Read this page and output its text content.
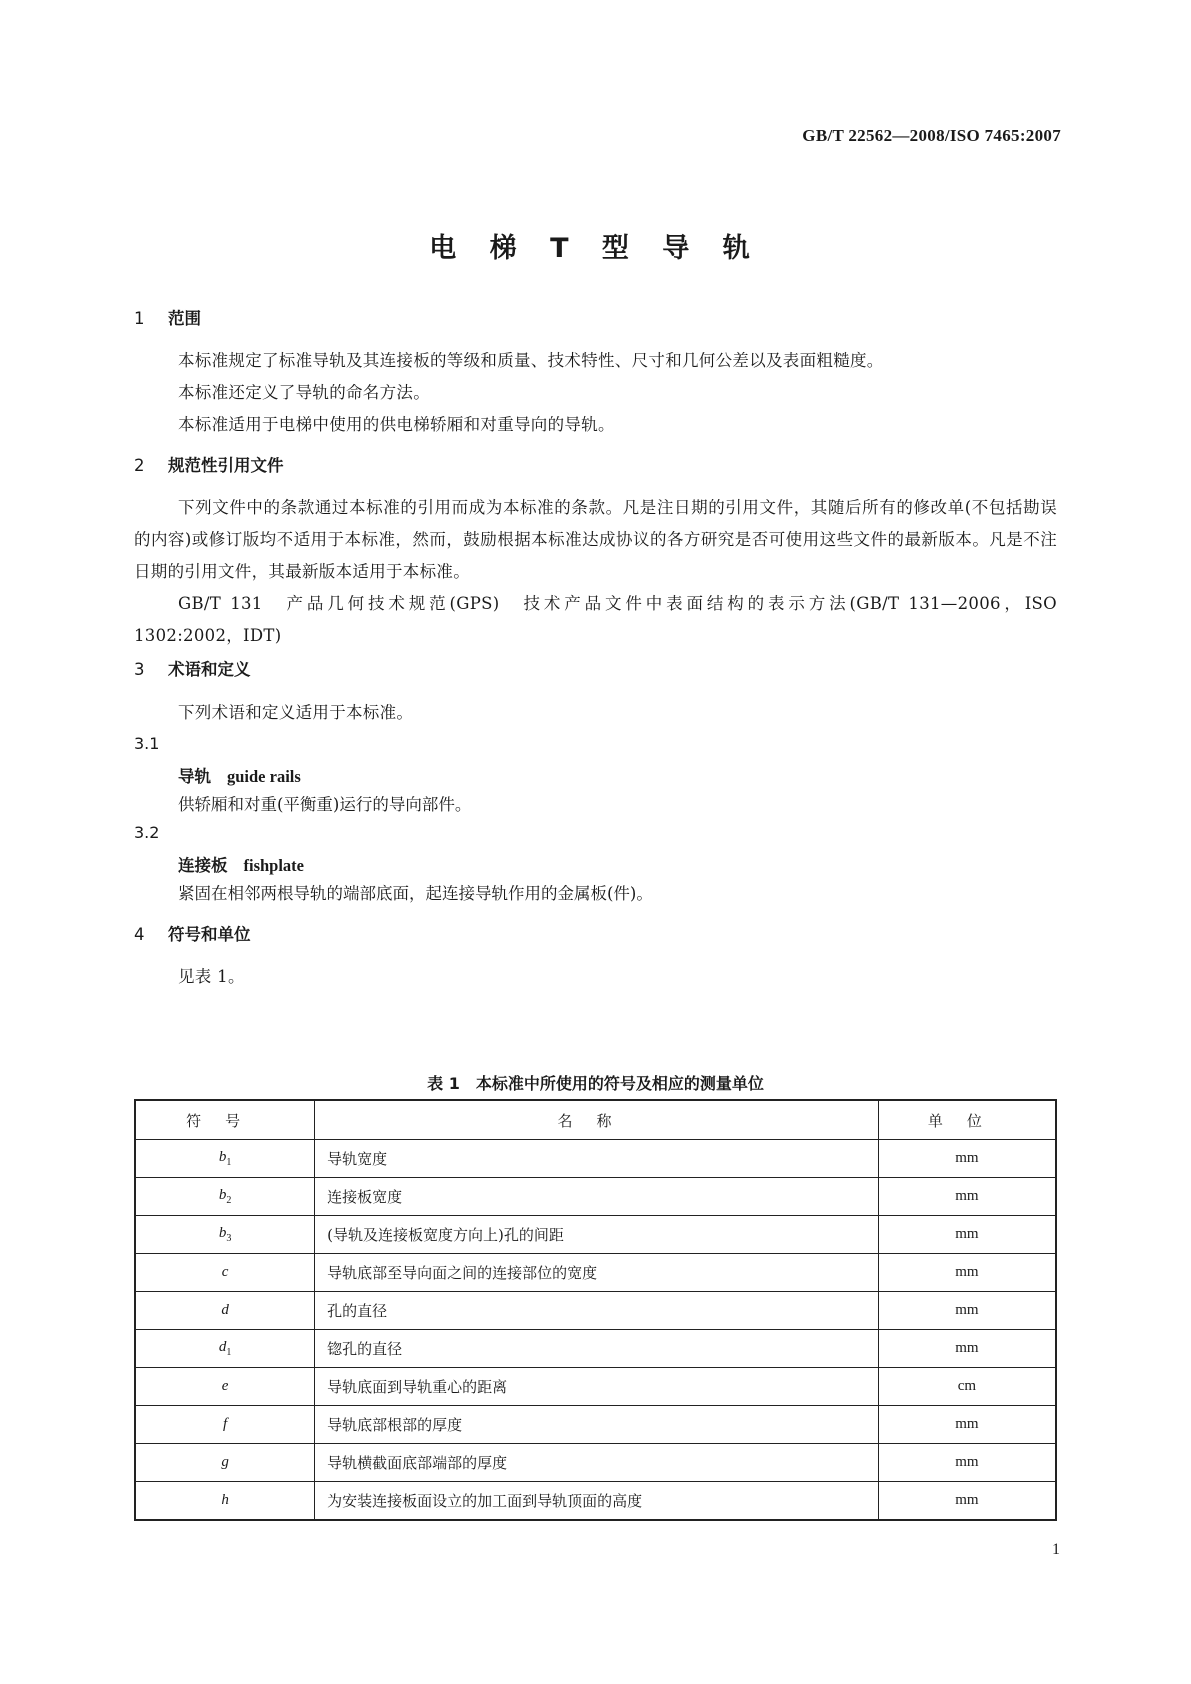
GB/T 22562—2008/ISO 7465:2007
电 梯 T 型 导 轨
1 范围
本标准规定了标准导轨及其连接板的等级和质量、技术特性、尺寸和几何公差以及表面粗糙度。
本标准还定义了导轨的命名方法。
本标准适用于电梯中使用的供电梯轿厢和对重导向的导轨。
2 规范性引用文件
下列文件中的条款通过本标准的引用而成为本标准的条款。凡是注日期的引用文件，其随后所有的修改单(不包括勘误的内容)或修订版均不适用于本标准，然而，鼓励根据本标准达成协议的各方研究是否可使用这些文件的最新版本。凡是不注日期的引用文件，其最新版本适用于本标准。
GB/T 131　产品几何技术规范(GPS)　技术产品文件中表面结构的表示方法(GB/T 131—2006，ISO 1302:2002，IDT)
3 术语和定义
下列术语和定义适用于本标准。
3.1
导轨 guide rails
供轿厢和对重(平衡重)运行的导向部件。
3.2
连接板 fishplate
紧固在相邻两根导轨的端部底面，起连接导轨作用的金属板(件)。
4 符号和单位
见表 1。
表 1　本标准中所使用的符号及相应的测量单位
符号	名称	单位
$b_1$	导轨宽度	mm
$b_2$	连接板宽度	mm
$b_3$	(导轨及连接板宽度方向上)孔的间距	mm
c	导轨底部至导向面之间的连接部位的宽度	mm
d	孔的直径	mm
$d_1$	锪孔的直径	mm
e	导轨底面到导轨重心的距离	cm
f	导轨底部根部的厚度	mm
g	导轨横截面底部端部的厚度	mm
h	为安装连接板面设立的加工面到导轨顶面的高度	mm
1
